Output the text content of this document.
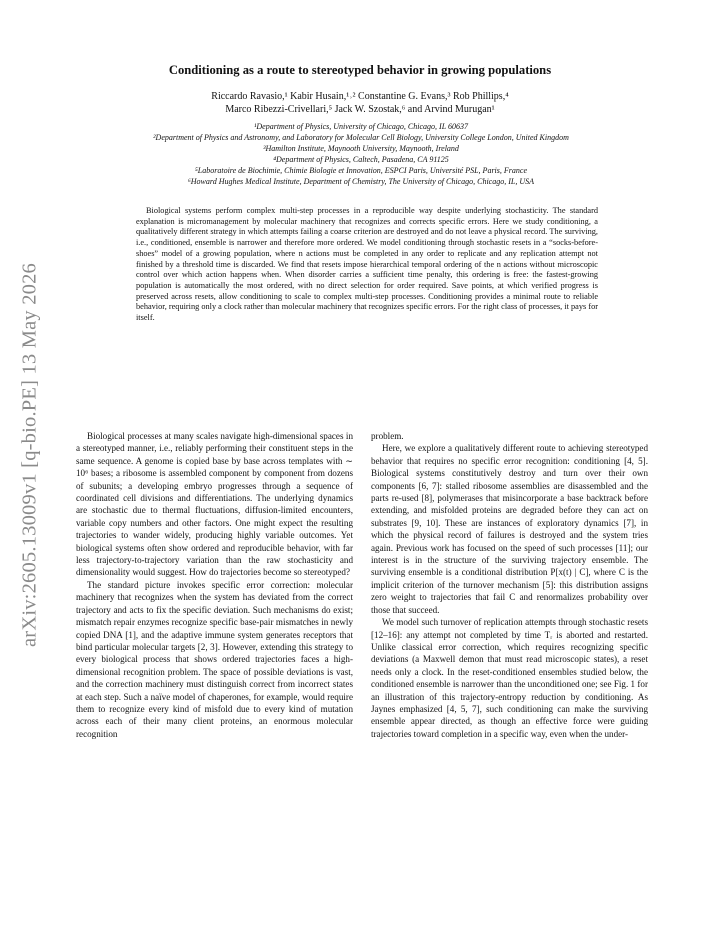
arXiv:2605.13009v1 [q-bio.PE] 13 May 2026
Conditioning as a route to stereotyped behavior in growing populations
Riccardo Ravasio,¹ Kabir Husain,¹˒² Constantine G. Evans,³ Rob Phillips,⁴
Marco Ribezzi-Crivellari,⁵ Jack W. Szostak,⁶ and Arvind Murugan¹
¹Department of Physics, University of Chicago, Chicago, IL 60637
²Department of Physics and Astronomy, and Laboratory for Molecular Cell Biology, University College London, United Kingdom
³Hamilton Institute, Maynooth University, Maynooth, Ireland
⁴Department of Physics, Caltech, Pasadena, CA 91125
⁵Laboratoire de Biochimie, Chimie Biologie et Innovation, ESPCI Paris, Université PSL, Paris, France
⁶Howard Hughes Medical Institute, Department of Chemistry, The University of Chicago, Chicago, IL, USA

Biological systems perform complex multi-step processes in a reproducible way despite underlying stochasticity. The standard explanation is micromanagement by molecular machinery that recognizes and corrects specific errors. Here we study conditioning, a qualitatively different strategy in which attempts failing a coarse criterion are destroyed and do not leave a physical record. The surviving, i.e., conditioned, ensemble is narrower and therefore more ordered. We model conditioning through stochastic resets in a “socks-before-shoes” model of a growing population, where n actions must be completed in any order to replicate and any replication attempt not finished by a threshold time is discarded. We find that resets impose hierarchical temporal ordering of the n actions without microscopic control over which action happens when. When disorder carries a sufficient time penalty, this ordering is free: the fastest-growing population is automatically the most ordered, with no direct selection for order required. Save points, at which verified progress is preserved across resets, allow conditioning to scale to complex multi-step processes. Conditioning provides a minimal route to reliable behavior, requiring only a clock rather than molecular machinery that recognizes specific errors. For the right class of processes, it pays for itself.

Biological processes at many scales navigate high-dimensional spaces in a stereotyped manner, i.e., reliably performing their constituent steps in the same sequence. A genome is copied base by base across templates with ∼ 10⁶ bases; a ribosome is assembled component by component from dozens of subunits; a developing embryo progresses through a sequence of coordinated cell divisions and differentiations. The underlying dynamics are stochastic due to thermal fluctuations, diffusion-limited encounters, variable copy numbers and other factors. One might expect the resulting trajectories to wander widely, producing highly variable outcomes. Yet biological systems often show ordered and reproducible behavior, with far less trajectory-to-trajectory variation than the raw stochasticity and dimensionality would suggest. How do trajectories become so stereotyped?

The standard picture invokes specific error correction: molecular machinery that recognizes when the system has deviated from the correct trajectory and acts to fix the specific deviation. Such mechanisms do exist; mismatch repair enzymes recognize specific base-pair mismatches in newly copied DNA [1], and the adaptive immune system generates receptors that bind particular molecular targets [2, 3]. However, extending this strategy to every biological process that shows ordered trajectories faces a high-dimensional recognition problem. The space of possible deviations is vast, and the correction machinery must distinguish correct from incorrect states at each step. Such a naïve model of chaperones, for example, would require them to recognize every kind of misfold due to every kind of mutation across each of their many client proteins, an enormous molecular recognition

problem.

Here, we explore a qualitatively different route to achieving stereotyped behavior that requires no specific error recognition: conditioning [4, 5]. Biological systems constitutively destroy and turn over their own components [6, 7]: stalled ribosome assemblies are disassembled and the parts re-used [8], polymerases that misincorporate a base backtrack before extending, and misfolded proteins are degraded before they can act on substrates [9, 10]. These are instances of exploratory dynamics [7], in which the physical record of failures is destroyed and the system tries again. Previous work has focused on the speed of such processes [11]; our interest is in the structure of the surviving trajectory ensemble. The surviving ensemble is a conditional distribution P[x(t) | C], where C is the implicit criterion of the turnover mechanism [5]: this distribution assigns zero weight to trajectories that fail C and renormalizes probability over those that succeed.

We model such turnover of replication attempts through stochastic resets [12–16]: any attempt not completed by time Tᵣ is aborted and restarted. Unlike classical error correction, which requires recognizing specific deviations (a Maxwell demon that must read microscopic states), a reset needs only a clock. In the reset-conditioned ensembles studied below, the conditioned ensemble is narrower than the unconditioned one; see Fig. 1 for an illustration of this trajectory-entropy reduction by conditioning. As Jaynes emphasized [4, 5, 7], such conditioning can make the surviving ensemble appear directed, as though an effective force were guiding trajectories toward completion in a specific way, even when the under-
